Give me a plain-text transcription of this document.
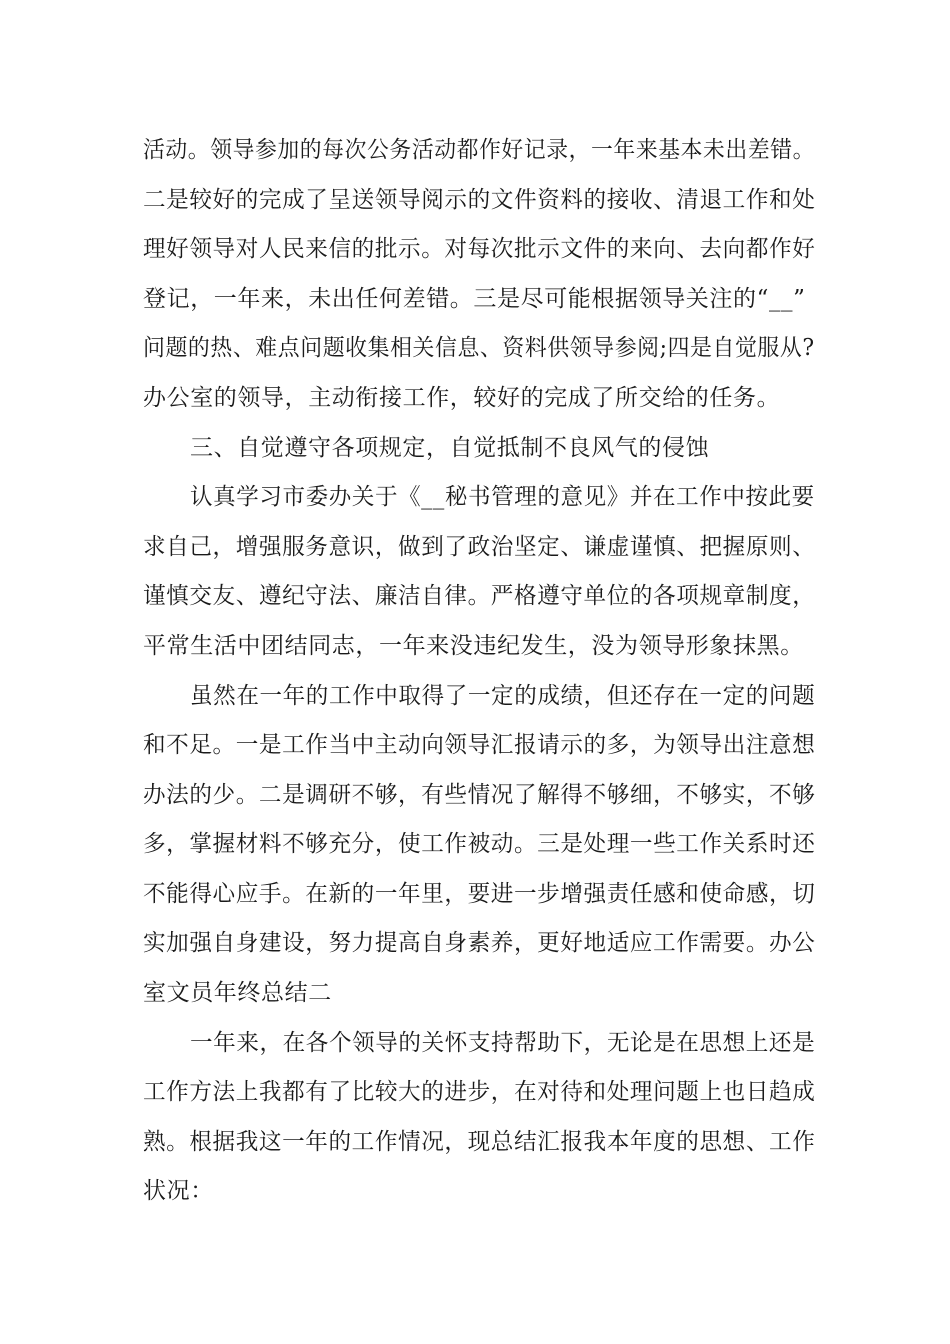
活动。领导参加的每次公务活动都作好记录，一年来基本未出差错。
二是较好的完成了呈送领导阅示的文件资料的接收、清退工作和处
理好领导对人民来信的批示。对每次批示文件的来向、去向都作好
登记，一年来，未出任何差错。三是尽可能根据领导关注的“__”
问题的热、难点问题收集相关信息、资料供领导参阅;四是自觉服从?
办公室的领导，主动衔接工作，较好的完成了所交给的任务。
三、自觉遵守各项规定，自觉抵制不良风气的侵蚀
认真学习市委办关于《__秘书管理的意见》并在工作中按此要
求自己，增强服务意识，做到了政治坚定、谦虚谨慎、把握原则、
谨慎交友、遵纪守法、廉洁自律。严格遵守单位的各项规章制度，
平常生活中团结同志，一年来没违纪发生，没为领导形象抹黑。
虽然在一年的工作中取得了一定的成绩，但还存在一定的问题
和不足。一是工作当中主动向领导汇报请示的多，为领导出注意想
办法的少。二是调研不够，有些情况了解得不够细，不够实，不够
多，掌握材料不够充分，使工作被动。三是处理一些工作关系时还
不能得心应手。在新的一年里，要进一步增强责任感和使命感，切
实加强自身建设，努力提高自身素养，更好地适应工作需要。办公
室文员年终总结二
一年来，在各个领导的关怀支持帮助下，无论是在思想上还是
工作方法上我都有了比较大的进步，在对待和处理问题上也日趋成
熟。根据我这一年的工作情况，现总结汇报我本年度的思想、工作
状况：
